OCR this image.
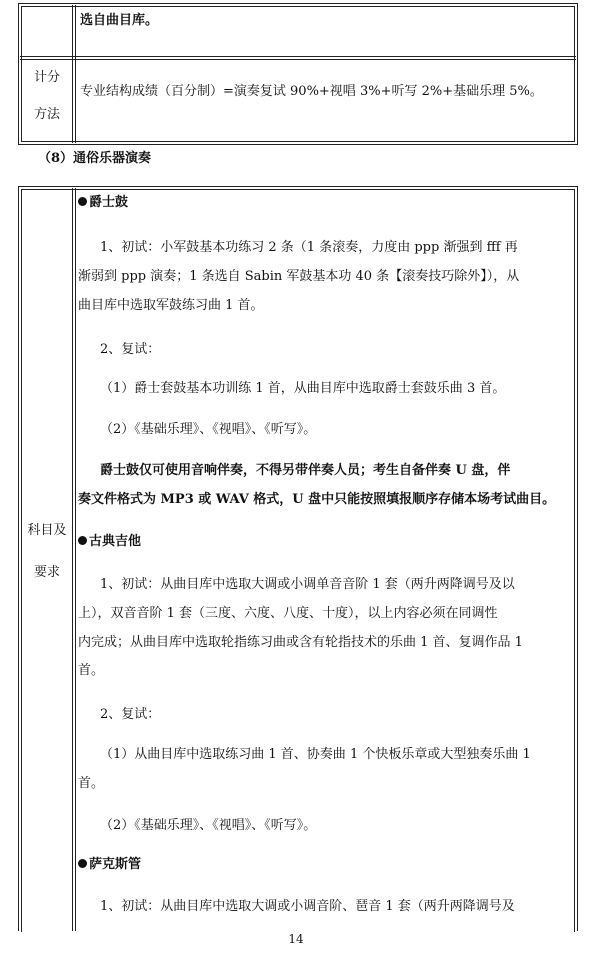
选自曲目库。
计分
方法
专业结构成绩（百分制）=演奏复试 90%+视唱 3%+听写 2%+基础乐理 5%。
（8）通俗乐器演奏
科目及
要求
爵士鼓
1、初试：小军鼓基本功练习 2 条（1 条滚奏，力度由 ppp 渐强到 fff 再
渐弱到 ppp 演奏；1 条选自 Sabin 军鼓基本功 40 条【滚奏技巧除外】），从
曲目库中选取军鼓练习曲 1 首。
2、复试：
（1）爵士套鼓基本功训练 1 首，从曲目库中选取爵士套鼓乐曲 3 首。
（2）《基础乐理》、《视唱》、《听写》。
爵士鼓仅可使用音响伴奏，不得另带伴奏人员；考生自备伴奏 U 盘，伴
奏文件格式为 MP3 或 WAV 格式，U 盘中只能按照填报顺序存储本场考试曲目。
古典吉他
1、初试：从曲目库中选取大调或小调单音音阶 1 套（两升两降调号及以
上），双音音阶 1 套（三度、六度、八度、十度），以上内容必须在同调性
内完成；从曲目库中选取轮指练习曲或含有轮指技术的乐曲 1 首、复调作品 1
首。
2、复试：
（1）从曲目库中选取练习曲 1 首、协奏曲 1 个快板乐章或大型独奏乐曲 1
首。
（2）《基础乐理》、《视唱》、《听写》。
萨克斯管
1、初试：从曲目库中选取大调或小调音阶、琶音 1 套（两升两降调号及
14
